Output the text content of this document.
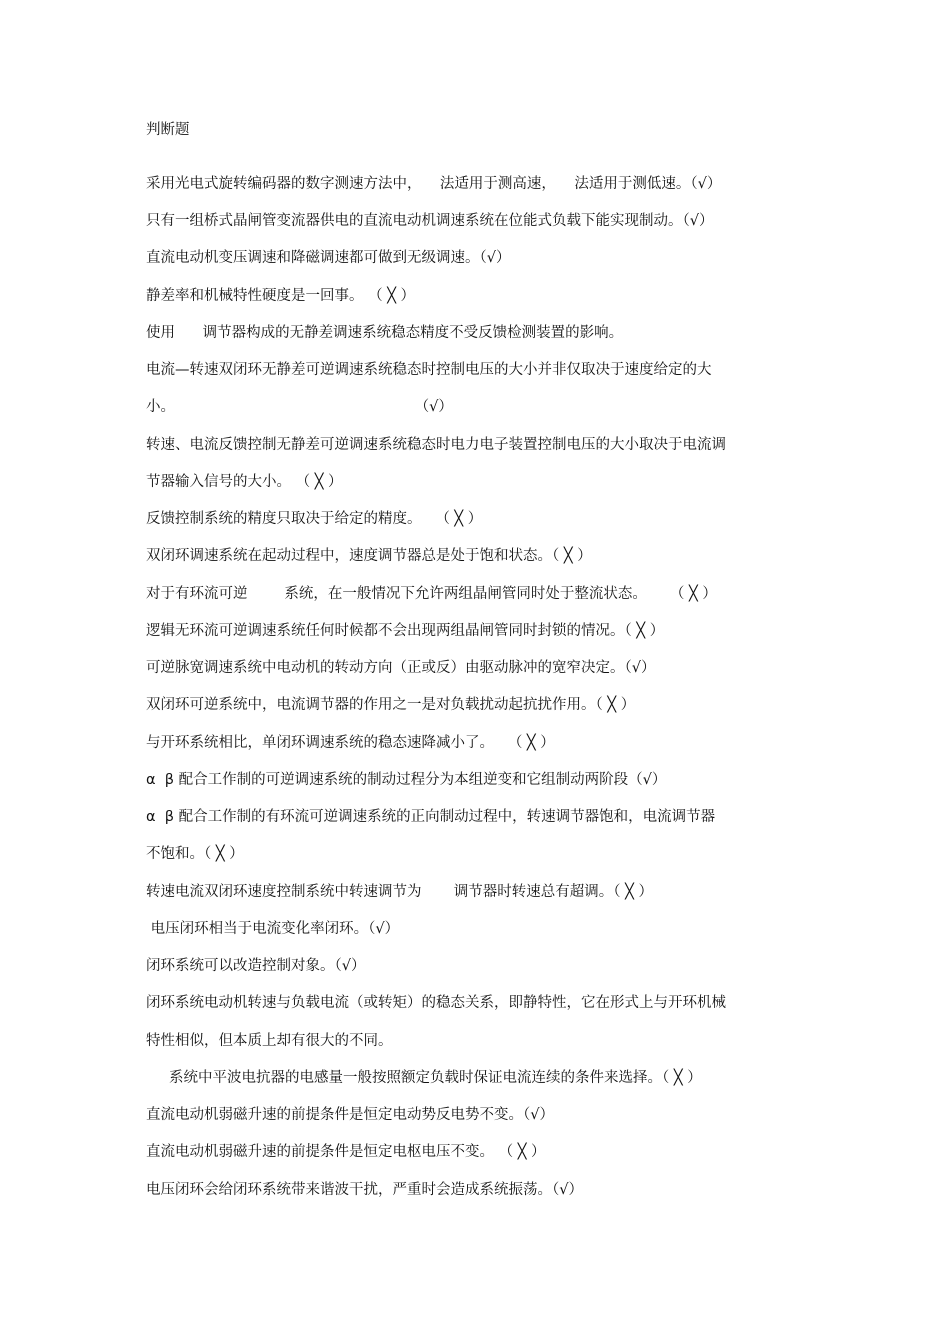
判断题
采用光电式旋转编码器的数字测速方法中，    法适用于测高速，    法适用于测低速。（√）
只有一组桥式晶闸管变流器供电的直流电动机调速系统在位能式负载下能实现制动。（√）
直流电动机变压调速和降磁调速都可做到无级调速。（√）
静差率和机械特性硬度是一回事。 （ ╳ ）
使用      调节器构成的无静差调速系统稳态精度不受反馈检测装置的影响。
电流—转速双闭环无静差可逆调速系统稳态时控制电压的大小并非仅取决于速度给定的大
小。                                                    （√）
转速、电流反馈控制无静差可逆调速系统稳态时电力电子装置控制电压的大小取决于电流调
节器输入信号的大小。 （ ╳ ）
反馈控制系统的精度只取决于给定的精度。   （ ╳ ）
双闭环调速系统在起动过程中，速度调节器总是处于饱和状态。（ ╳ ）
对于有环流可逆        系统，在一般情况下允许两组晶闸管同时处于整流状态。     （ ╳ ）
逻辑无环流可逆调速系统任何时候都不会出现两组晶闸管同时封锁的情况。（ ╳ ）
可逆脉宽调速系统中电动机的转动方向（正或反）由驱动脉冲的宽窄决定。（√）
双闭环可逆系统中，电流调节器的作用之一是对负载扰动起抗扰作用。（ ╳ ）
与开环系统相比，单闭环调速系统的稳态速降减小了。   （ ╳ ）
α  β 配合工作制的可逆调速系统的制动过程分为本组逆变和它组制动两阶段（√）
α  β 配合工作制的有环流可逆调速系统的正向制动过程中，转速调节器饱和，电流调节器
不饱和。（ ╳ ）
转速电流双闭环速度控制系统中转速调节为       调节器时转速总有超调。（ ╳ ）
电压闭环相当于电流变化率闭环。（√）
闭环系统可以改造控制对象。（√）
闭环系统电动机转速与负载电流（或转矩）的稳态关系，即静特性，它在形式上与开环机械
特性相似，但本质上却有很大的不同。
系统中平波电抗器的电感量一般按照额定负载时保证电流连续的条件来选择。（ ╳ ）
直流电动机弱磁升速的前提条件是恒定电动势反电势不变。（√）
直流电动机弱磁升速的前提条件是恒定电枢电压不变。 （ ╳ ）
电压闭环会给闭环系统带来谐波干扰，严重时会造成系统振荡。（√）
